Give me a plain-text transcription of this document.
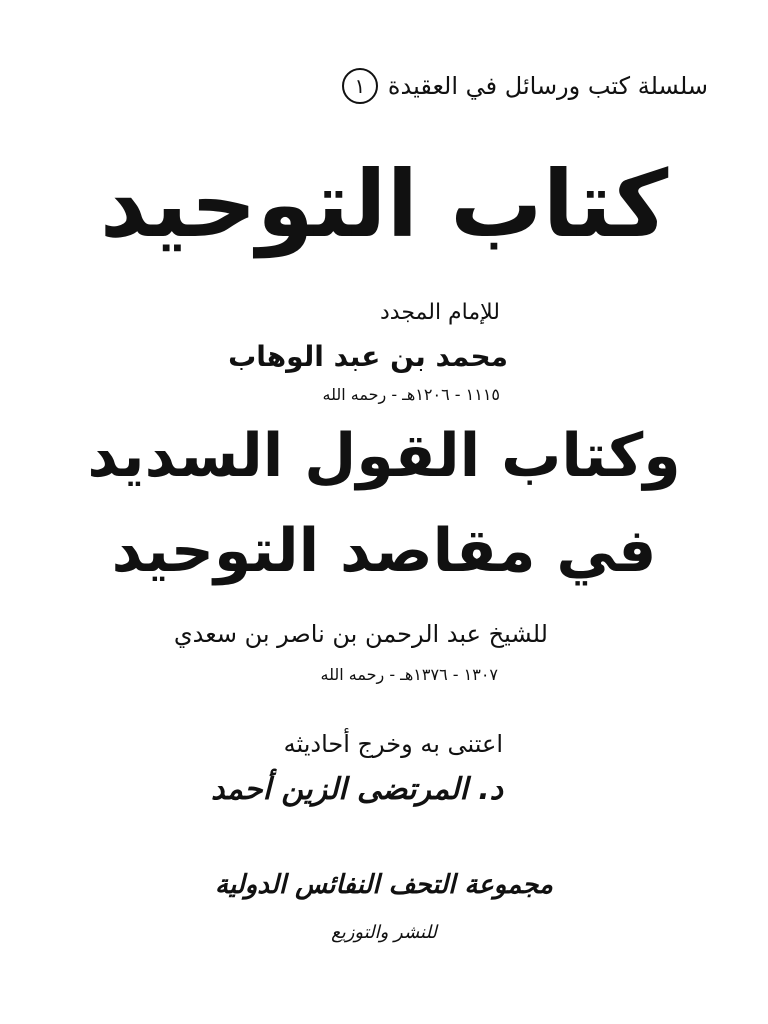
سلسلة كتب ورسائل في العقيدة
١
كتاب التوحيد
للإمام المجدد
محمد بن عبد الوهاب
١١١٥ - ١٢٠٦هـ - رحمه الله
وكتاب القول السديد
في مقاصد التوحيد
للشيخ عبد الرحمن بن ناصر بن سعدي
١٣٠٧ - ١٣٧٦هـ - رحمه الله
اعتنى به وخرج أحاديثه
د. المرتضى الزين أحمد
مجموعة التحف النفائس الدولية
للنشر والتوزيع
